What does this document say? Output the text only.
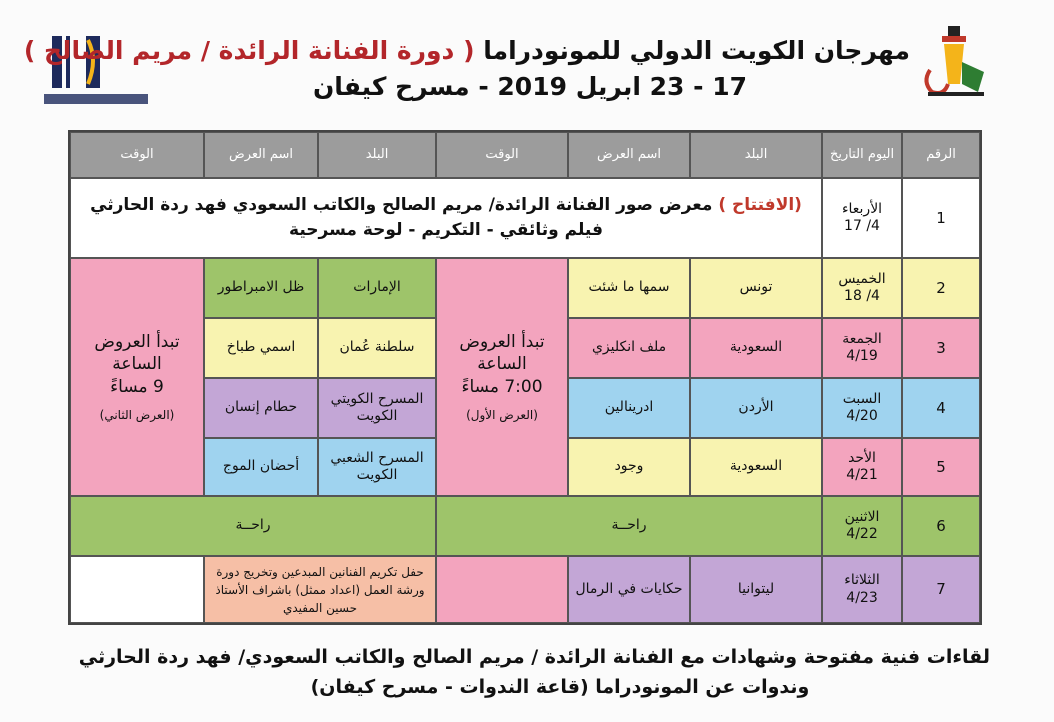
مهرجان الكويت الدولي للمونودراما ( دورة الفنانة الرائدة / مريم الصالح )
17 - 23 ابريل 2019 - مسرح كيفان
الرقم
اليوم التاريخ
البلد
اسم العرض
الوقت
البلد
اسم العرض
الوقت
1
الأربعاء
4/ 17
(الافتتاح ) معرض صور الفنانة الرائدة/ مريم الصالح والكاتب السعودي فهد ردة الحارثي
فيلم وثائقي - التكريم - لوحة مسرحية
2
الخميس
4/ 18
تونس
سمها ما شئت
الإمارات
ظل الامبراطور
3
الجمعة
4/19
السعودية
ملف انكليزي
سلطنة عُمان
اسمي طباخ
4
السبت
4/20
الأردن
ادرينالين
المسرح الكويتي الكويت
حطام إنسان
5
الأحد
4/21
السعودية
وجود
المسرح الشعبي الكويت
أحضان الموج
تبدأ العروض
الساعة
7:00 مساءً
(العرض الأول)
تبدأ العروض
الساعة
9 مساءً
(العرض الثاني)
6
الاثنين
4/22
راحــة
راحــة
7
الثلاثاء
4/23
ليتوانيا
حكايات في الرمال
حفل تكريم الفنانين المبدعين وتخريج دورة ورشة العمل (اعداد ممثل) باشراف الأستاذ حسين المفيدي
لقاءات فنية مفتوحة وشهادات مع الفنانة الرائدة / مريم الصالح والكاتب السعودي/ فهد ردة الحارثي
وندوات عن المونودراما (قاعة الندوات - مسرح كيفان)
